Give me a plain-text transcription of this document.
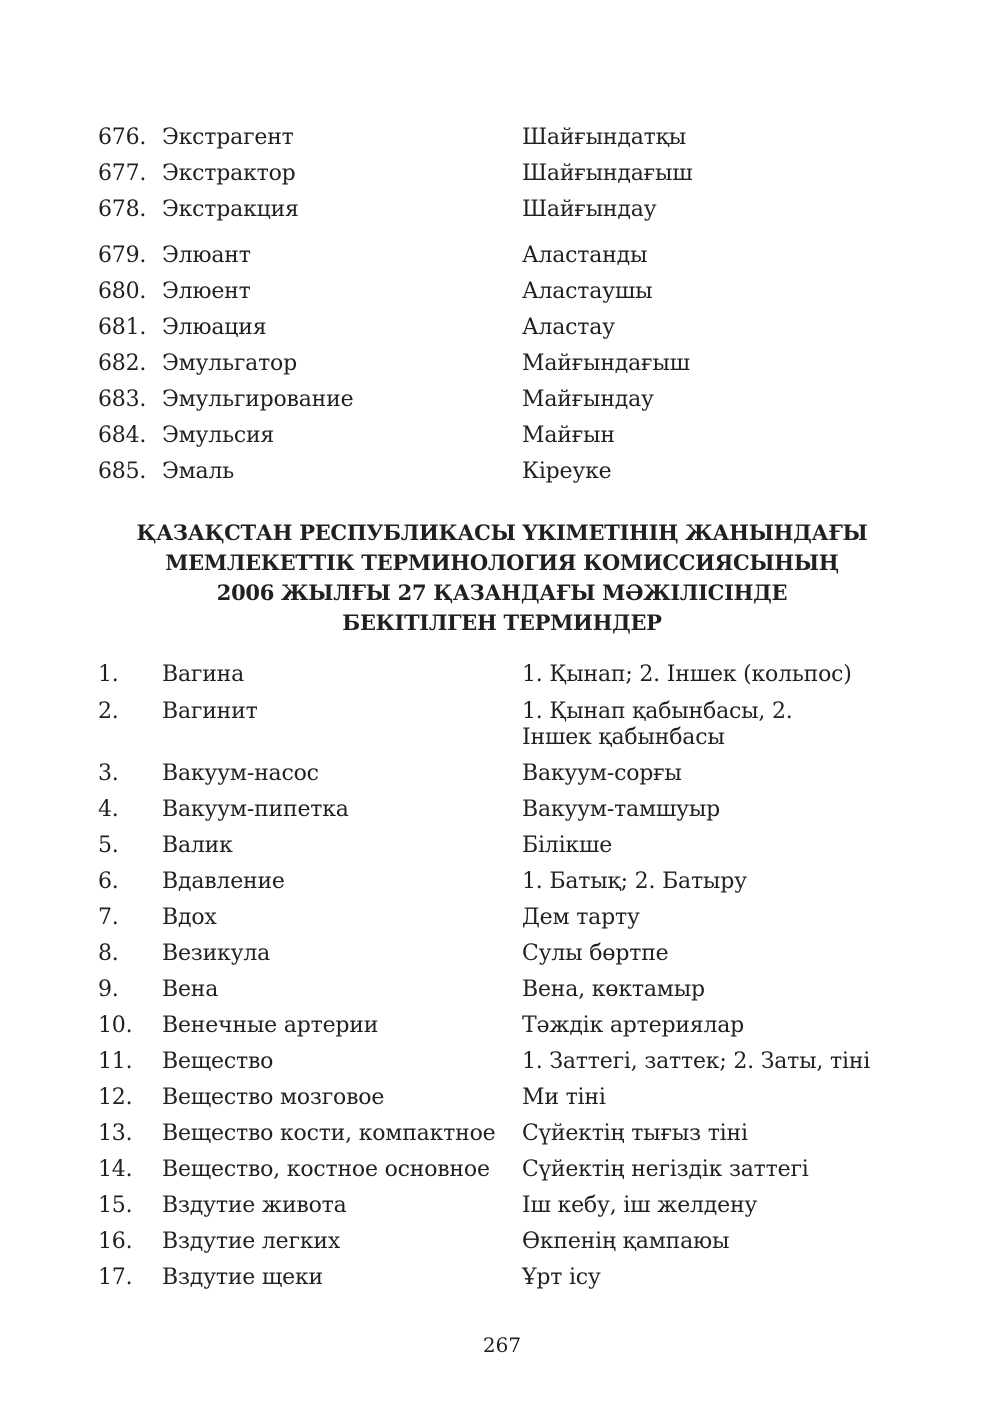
676. Экстрагент	Шайғындатқы
677. Экстрактор	Шайғындағыш
678. Экстракция	Шайғындау
679. Элюант	Аластанды
680. Элюент	Аластаушы
681. Элюация	Аластау
682. Эмульгатор	Майғындағыш
683. Эмульгирование	Майғындау
684. Эмульсия	Майғын
685. Эмаль	Кіреуке
ҚАЗАҚСТАН РЕСПУБЛИКАСЫ ҮКІМЕТІНІҢ ЖАНЫНДАҒЫ
МЕМЛЕКЕТТІК ТЕРМИНОЛОГИЯ КОМИССИЯСЫНЫҢ
2006 ЖЫЛҒЫ 27 ҚАЗАНДАҒЫ МӘЖІЛІСІНДЕ
БЕКІТІЛГЕН ТЕРМИНДЕР
1.	Вагина	1. Қынап; 2. Іншек (кольпос)
2.	Вагинит	1. Қынап қабынбасы, 2. Іншек қабынбасы
3.	Вакуум-насос	Вакуум-сорғы
4.	Вакуум-пипетка	Вакуум-тамшуыр
5.	Валик	Білікше
6.	Вдавление	1. Батық; 2. Батыру
7.	Вдох	Дем тарту
8.	Везикула	Сулы бөртпе
9.	Вена	Вена, көктамыр
10.	Венечные артерии	Тәждік артериялар
11.	Вещество	1. Заттегі, заттек; 2. Заты, тіні
12.	Вещество мозговое	Ми тіні
13.	Вещество кости, компактное	Сүйектің тығыз тіні
14.	Вещество, костное основное	Сүйектің негіздік заттегі
15.	Вздутие живота	Іш кебу, іш желдену
16.	Вздутие легких	Өкпенің қампаюы
17.	Вздутие щеки	Ұрт ісу
267
